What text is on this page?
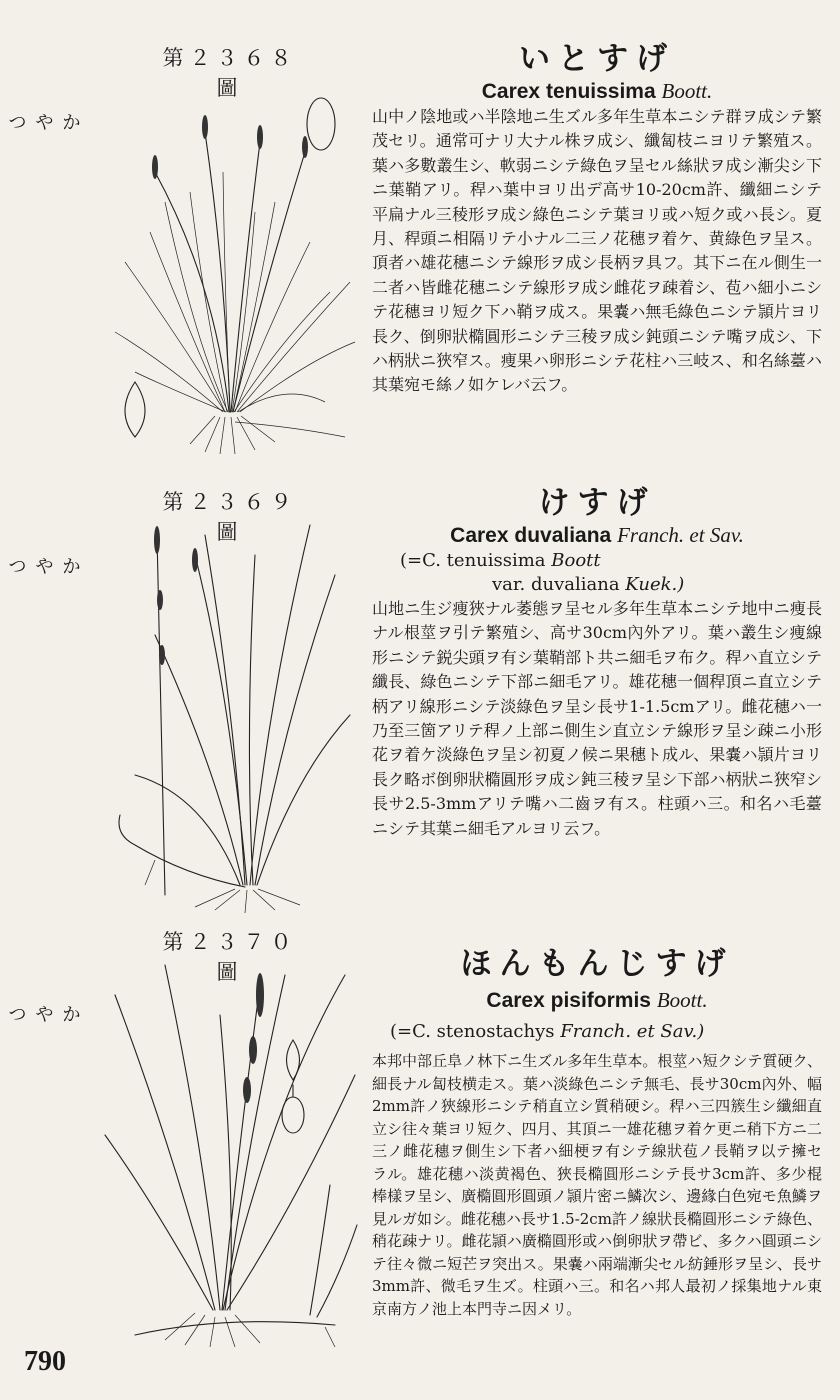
第２３６８圖
かやつ
いとすげ
Carex tenuissima Boott.
山中ノ陰地或ハ半陰地ニ生ズル多年生草本ニシテ群ヲ成シテ繁茂セリ。通常可ナリ大ナル株ヲ成シ、纖匐枝ニヨリテ繁殖ス。葉ハ多數叢生シ、軟弱ニシテ綠色ヲ呈セル絲狀ヲ成シ漸尖シ下ニ葉鞘アリ。稈ハ葉中ヨリ出デ高サ10-20cm許、纖細ニシテ平扁ナル三稜形ヲ成シ綠色ニシテ葉ヨリ或ハ短ク或ハ長シ。夏月、稈頭ニ相隔リテ小ナル二三ノ花穗ヲ着ケ、黄綠色ヲ呈ス。頂者ハ雄花穗ニシテ線形ヲ成シ長柄ヲ具フ。其下ニ在ル側生一二者ハ皆雌花穗ニシテ線形ヲ成シ雌花ヲ疎着シ、苞ハ細小ニシテ花穗ヨリ短ク下ハ鞘ヲ成ス。果嚢ハ無毛綠色ニシテ頴片ヨリ長ク、倒卵狀橢圓形ニシテ三稜ヲ成シ鈍頭ニシテ嘴ヲ成シ、下ハ柄狀ニ狹窄ス。痩果ハ卵形ニシテ花柱ハ三岐ス、和名絲薹ハ其葉宛モ絲ノ如ケレバ云フ。
第２３６９圖
かやつ
けすげ
Carex duvaliana Franch. et Sav.
(=C. tenuissima Boott
var. duvaliana Kuek.)
山地ニ生ジ痩狹ナル萎態ヲ呈セル多年生草本ニシテ地中ニ痩長ナル根莖ヲ引テ繁殖シ、高サ30cm內外アリ。葉ハ叢生シ痩線形ニシテ鋭尖頭ヲ有シ葉鞘部ト共ニ細毛ヲ布ク。稈ハ直立シテ纖長、綠色ニシテ下部ニ細毛アリ。雄花穗一個稈頂ニ直立シテ柄アリ線形ニシテ淡綠色ヲ呈シ長サ1-1.5cmアリ。雌花穗ハ一乃至三箇アリテ稈ノ上部ニ側生シ直立シテ線形ヲ呈シ疎ニ小形花ヲ着ケ淡綠色ヲ呈シ初夏ノ候ニ果穗ト成ル、果嚢ハ頴片ヨリ長ク略ボ倒卵狀橢圓形ヲ成シ鈍三稜ヲ呈シ下部ハ柄狀ニ狹窄シ長サ2.5-3mmアリテ嘴ハ二齒ヲ有ス。柱頭ハ三。和名ハ毛薹ニシテ其葉ニ細毛アルヨリ云フ。
第２３７０圖
かやつ
ほんもんじすげ
Carex pisiformis Boott.
(=C. stenostachys Franch. et Sav.)
本邦中部丘阜ノ林下ニ生ズル多年生草本。根莖ハ短クシテ質硬ク、細長ナル匐枝横走ス。葉ハ淡綠色ニシテ無毛、長サ30cm內外、幅2mm許ノ狹線形ニシテ稍直立シ質稍硬シ。稈ハ三四簇生シ纖細直立シ往々葉ヨリ短ク、四月、其頂ニ一雄花穗ヲ着ケ更ニ稍下方ニ二三ノ雌花穗ヲ側生シ下者ハ細梗ヲ有シテ線狀苞ノ長鞘ヲ以テ擁セラル。雄花穗ハ淡黄褐色、狹長橢圓形ニシテ長サ3cm許、多少棍棒樣ヲ呈シ、廣橢圓形圓頭ノ頴片密ニ鱗次シ、邊緣白色宛モ魚鱗ヲ見ルガ如シ。雌花穗ハ長サ1.5-2cm許ノ線狀長橢圓形ニシテ綠色、稍花疎ナリ。雌花頴ハ廣橢圓形或ハ倒卵狀ヲ帶ビ、多クハ圓頭ニシテ往々微ニ短芒ヲ突出ス。果嚢ハ兩端漸尖セル紡錘形ヲ呈シ、長サ3mm許、微毛ヲ生ズ。柱頭ハ三。和名ハ邦人最初ノ採集地ナル東京南方ノ池上本門寺ニ因メリ。
790
